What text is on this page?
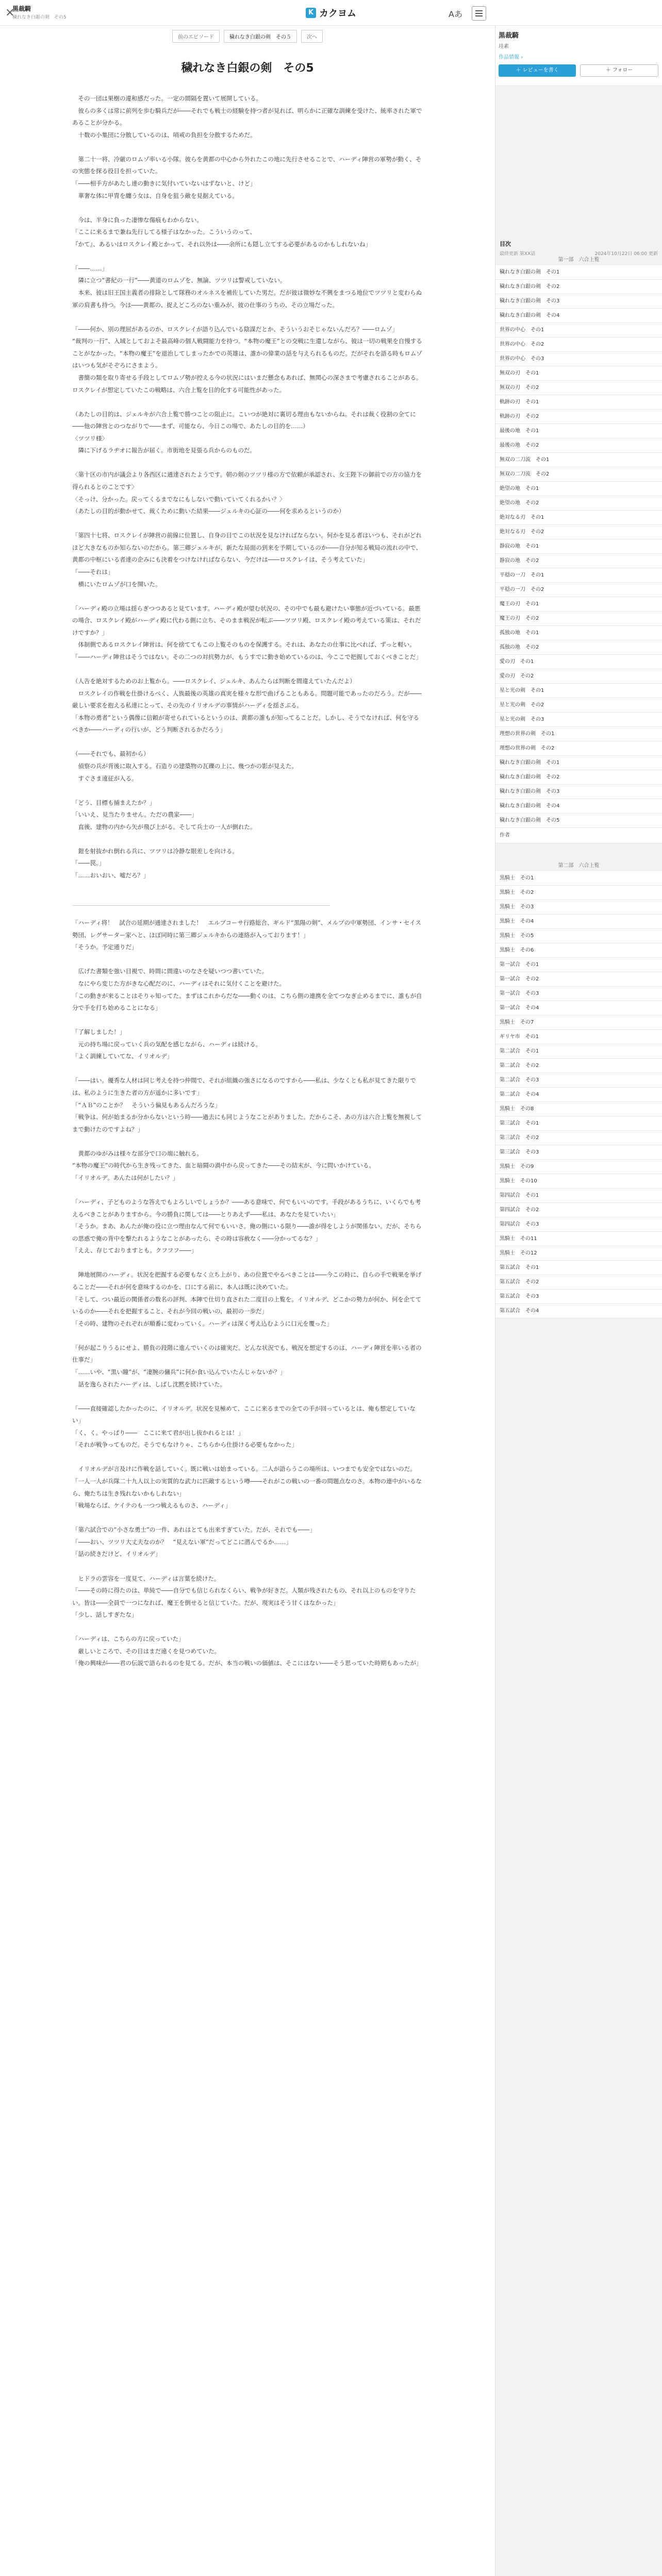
×
黒裁騎
穢れなき白銀の剣　その5
K カクヨム	Aあ
前のエピソード	穢れなき白銀の剣　その５	次へ
穢れなき白銀の剣　その5

　その一団は果樹の違和感だった。一定の間隔を置いて展開している。

　彼らの多くは常に前列を歩む騎兵だが――それでも戦士の経験を持つ者が見れば、明らかに正確な訓練を受けた、統率された軍であることが分かる。

　十数の小集団に分散しているのは、哨戒の負担を分散するためだ。

　第二十一将、冷厳のロムゾ率いる小隊。彼らを黄都の中心から外れたこの地に先行させることで、ハーディ陣営の軍勢が動く、その実態を探る役目を担っていた。

「――相手方があたし達の動きに気付いていないはずないと、けど」

　華奢な体に甲冑を纏う女は、自身を狙う敵を見据えている。

　今は、半身に負った凄惨な傷痕もわからない。

「ここに来るまで兼ね先行してる様子はなかった。こういうのって、

『かて』、あるいはロスクレイ殿とかって、それ以外は――余所にも隠し立てする必要があるのかもしれないね」

「――……」

　隣に立つ“書紀の一行”――黄道のロムゾを、無論、ツツリは警戒していない。

　本来、彼は旧王国主義者の排除として隊務のオルネスを補佐していた男だ。だが彼は微妙な不興をまつる地位でツツリと変わらぬ軍の肩書も持つ。今は――黄都の、捉えどころのない重みが、彼の仕事のうちの、その立場だった。

「――何か、別の理屈があるのか、ロスクレイが語り込んでいる陰謀だとか、そういうおそじゃないんだろ？――ロムゾ」

“裁判の一行”、入域としておよそ最高峰の個人戦闘能力を持つ。“本物の魔王”との交戦に生還しながら、彼は一切の戦果を自慢することがなかった。“本物の魔王”を退治してしまったかでの英雄は、誰かの偉業の話を与えられるものだ。だがそれを語る時もロムゾはいつも気がそぞろにさまよう。

　書簡の類を取り寄せる手段としてロムゾ勢が控える今の状況にはいまだ懸念もあれば、無関心の深さまで考慮されることがある。ロスクレイが想定していたこの戦略は、六合上覧を目的化する可能性があった。

（あたしの目的は、ジェルキが六合上覧で勝つことの阻止に。こいつが絶対に裏切る理由もないからね。それは裁く役割の全てに――他の陣営とのつながりで――まず、可能なら、今日この場で、あたしの目的を……）

〈ツツリ様〉

　隣に下げるラヂオに報告が届く。市街地を見張る兵からのものだ。

〈第十区の市内が議会より各西区に通達されたようです。朝の剣のツツリ様の方で依頼が承認され、女王陛下の御前での方の協力を得られるとのことです〉

〈そっけ、分かった。戻ってくるまでなにもしないで動いていてくれるかい？〉

（あたしの目的が動かせて、裁くために動いた結果――ジェルキの心証の――何を求めるというのか）

「第四十七将、ロスクレイが陣営の前線に位置し、自身の目でこの状況を見なければならない。何かを見る者はいつも、それがどれほど大きなものか知らないのだから。第三卿ジェルキが、新たな局面の到来を予期しているのか――自分が知る戦局の流れの中で、黄都の中枢にいる者達の企みにも決着をつけなければならない、今だけは――ロスクレイは、そう考えていた」

「――それは」

　横にいたロムゾが口を開いた。

「ハーディ殿の立場は揺らぎつつあると見ています。ハーディ殿が望む状況の、その中でも最も避けたい事態が近づいている。最悪の場合、ロスクレイ殿がハーディ殿に代わる側に立ち、そのまま戦況が転ぶ――ツツリ殿、ロスクレイ殿の考えている策は、それだけですか？」

　体制側であるロスクレイ陣営は、何を捨ててもこの上覧そのものを保護する。それは、あなたの仕事に比べれば、ずっと軽い。

「――ハーディ陣営はそうではない。その二つの対抗勢力が、もうすでに動き始めているのは、今ここで把握しておくべきことだ」

（人告を絶対するためのお上覧から。――ロスクレイ、ジェルキ、あんたらは判断を間違えていたんだよ）

　ロスクレイの作戦を仕掛けるべく、人族最後の英雄の真実を様々な形で曲げることもある。問題可能であったのだろう。だが――厳しい要求を抱える私達にとって、その先のイリオルデの事情がハーディを揺さぶる。

「本物の勇者”という偶像に信頼が寄せられているというのは、黄都の誰もが知ってることだ。しかし、そうでなければ、何を守るべきか――ハーディの行いが、どう判断されるかだろう」

（――それでも、最初から）

　偵察の兵が背後に取入する。石造りの建築物の瓦礫の上に、幾つかの影が見えた。

　すぐさま遠征が入る。

「どう、目標も捕まえたか？」

「いいえ、見当たりません。ただの農家――」

　直後、建物の内から矢が飛び上がる。そして兵士の一人が倒れた。

　鎧を射抜かれ倒れる兵に、ツツリは冷静な眼差しを向ける。

「――罠。」

「……おいおい、嘘だろ？」

「ハーディ将！　試合の延期が通達されました！　エルプコーサ行路総合、ギルド“黒陽の剣”、メルプの中軍勢団、インサ・セイス勢団、レグサーター家へと、ほぼ同時に第三卿ジェルキからの連絡が入っております！」

「そうか。予定通りだ」

　広げた書類を強い目視で、時間に間違いのなさを疑いつつ書いていた。

　なにやら変じた方がきな心配だのに、ハーディはそれに気付くことを避けた。

「この動きが来ることはそりゃ知ってた。まずはこれからだな――動くのは、こちら側の連携を全てつなぎ止めるまでに、誰もが自分で手を打ち始めることになる」

「了解しました！」

　元の持ち場に戻っていく兵の気配を感じながら、ハーディは続ける。

「よく訓練していてな、イリオルデ」

「――はい。優秀な人材は同じ考えを持つ仲間で、それが組織の強さになるのですから――私は、少なくとも私が見てきた限りでは、私のように生きた者の方が遥かに多いです」

「“ＡＢ”のことか？　そういう偏見もあるんだろうな」

「戦争は、何が始まるか分からないという時――過去にも同じようなことがありました。だからこそ、あの方は六合上覧を無視してまで動けたのですよね？」

　黄都のゆがみは様々な部分で口の端に触れる。

“本物の魔王”の時代から生き残ってきた、血と暗闘の渦中から戻ってきた――その結末が、今に問いかけている。

「イリオルデ。あんたは何がしたい？」

「ハーディ、子どものような答えでもよろしいでしょうか？――ある意味で、何でもいいのです。手段があるうちに、いくらでも考えるべきことがありますから。今の勝負に関しては――とりあえず――私は、あなたを見ていたい」

「そうか。まあ、あんたが俺の役に立つ理由なんて何でもいいさ。俺の側にいる限り――誰が得をしようが関係ない。だが、そちらの思惑で俺の背中を撃たれるようなことがあったら、その時は容赦なく――分かってるな？」

「ええ、存じておりますとも。クフフフ――」

　陣地展開のハーディ。状況を把握する必要もなく立ち上がり、あの位置でやるべきことは――今この時に、自らの手で戦果を挙げることだ――それが何を意味するのかを、口にする前に、本人は既に決めていた。

「そして、つい最近の関係者の数名の評判、本陣で仕切り直された二度目の上覧を。イリオルデ、どこかの勢力が何か、何を企てているのか――それを把握すること、それが今回の戦いの、最初の一歩だ」

「その時、建物のそれぞれが順番に変わっていく。ハーディは深く考え込むように口元を覆った」

「何が起こりうるにせよ、勝負の段階に進んでいくのは確実だ。どんな状況でも、戦況を想定するのは、ハーディ陣営を率いる者の仕事だ」

「……いや、“黒い瞳”が、“凄腕の傭兵”に何か食い込んでいたんじゃないか？」

　話を逸らされたハーディは、しばし沈黙を続けていた。

「――直接確認したかったのに、イリオルデ。状況を見極めて、ここに来るまでの全ての手が回っているとは、俺も想定していない」

「く、く。やっぱり――　ここに来て君が出し抜かれるとは！」

「それが戦争ってものだ。そうでもなけりゃ、こちらから仕掛ける必要もなかった」

　イリオルデが言及けに作戦を話していく。既に戦いは始まっている。二人が語らうこの場所は、いつまでも安全ではないのだ。

「一人一人が兵隊二十九人以上の実質的な武力に匹敵するという噂――それがこの戦いの一番の問題点なのさ。本物の連中がいるなら、俺たちは生き残れないかもしれない」

「戦場ならば、ケイテのも一つつ戦えるものさ、ハーディ」

「第六試合での“小さな勇士”の一件、あれはとても出来すぎていた。だが、それでも――」

「――おい、ツツリ大丈夫なのか？　“見えない軍”だってどこに潜んでるか……」

「話の続きだけど、イリオルデ」

　ヒドラの雲容を一度見て、ハーディは言葉を続けた。

「――その時に得たのは、単純で――自分でも信じられなくらい、戦争が好きだ。人類が残されたもの、それ以上のものを守りたい。皆は――全員で一つになれば、魔王を倒せると信じていた。だが、現実はそう甘くはなかった」

「少し、話しすぎたな」

「ハーディは、こちらの方に戻っていた」

　厳しいところで、その目はまだ遠くを見つめていた。

「俺の興味が――君の伝説で語られるのを見てる。だが、本当の戦いの価値は、そこにはない――そう思っていた時期もあったが」

黒裁騎
珪素
作品情報 ›
＋ レビューを書く	＋ フォロー
目次
最終更新 第XX話	2024年10月22日 06:00 更新
第一部　六合上覧
穢れなき白銀の剣　その1
穢れなき白銀の剣　その2
穢れなき白銀の剣　その3
穢れなき白銀の剣　その4
世界の中心　その1
世界の中心　その2
世界の中心　その3
無双の刃　その1
無双の刃　その2
軌跡の刃　その1
軌跡の刃　その2
最後の地　その1
最後の地　その2
無双の二刀流　その1
無双の二刀流　その2
絶望の地　その1
絶望の地　その2
絶対なる刃　その1
絶対なる刃　その2
静寂の地　その1
静寂の地　その2
平穏の一刀　その1
平穏の一刀　その2
魔王の刃　その1
魔王の刃　その2
孤独の地　その1
孤独の地　その2
愛の刃　その1
愛の刃　その2
星と光の剣　その1
星と光の剣　その2
星と光の剣　その3
理想の世界の剣　その1
理想の世界の剣　その2
穢れなき白銀の剣　その1
穢れなき白銀の剣　その2
穢れなき白銀の剣　その3
穢れなき白銀の剣　その4
穢れなき白銀の剣　その5
作者
第二部　六合上覧
黒騎士　その1
黒騎士　その2
黒騎士　その3
黒騎士　その4
黒騎士　その5
黒騎士　その6
第一試合　その1
第一試合　その2
第一試合　その3
第一試合　その4
黒騎士　その7
ギリヤ市　その1
第二試合　その1
第二試合　その2
第二試合　その3
第二試合　その4
黒騎士　その8
第三試合　その1
第三試合　その2
第三試合　その3
黒騎士　その9
黒騎士　その10
第四試合　その1
第四試合　その2
第四試合　その3
黒騎士　その11
黒騎士　その12
第五試合　その1
第五試合　その2
第五試合　その3
第五試合　その4
